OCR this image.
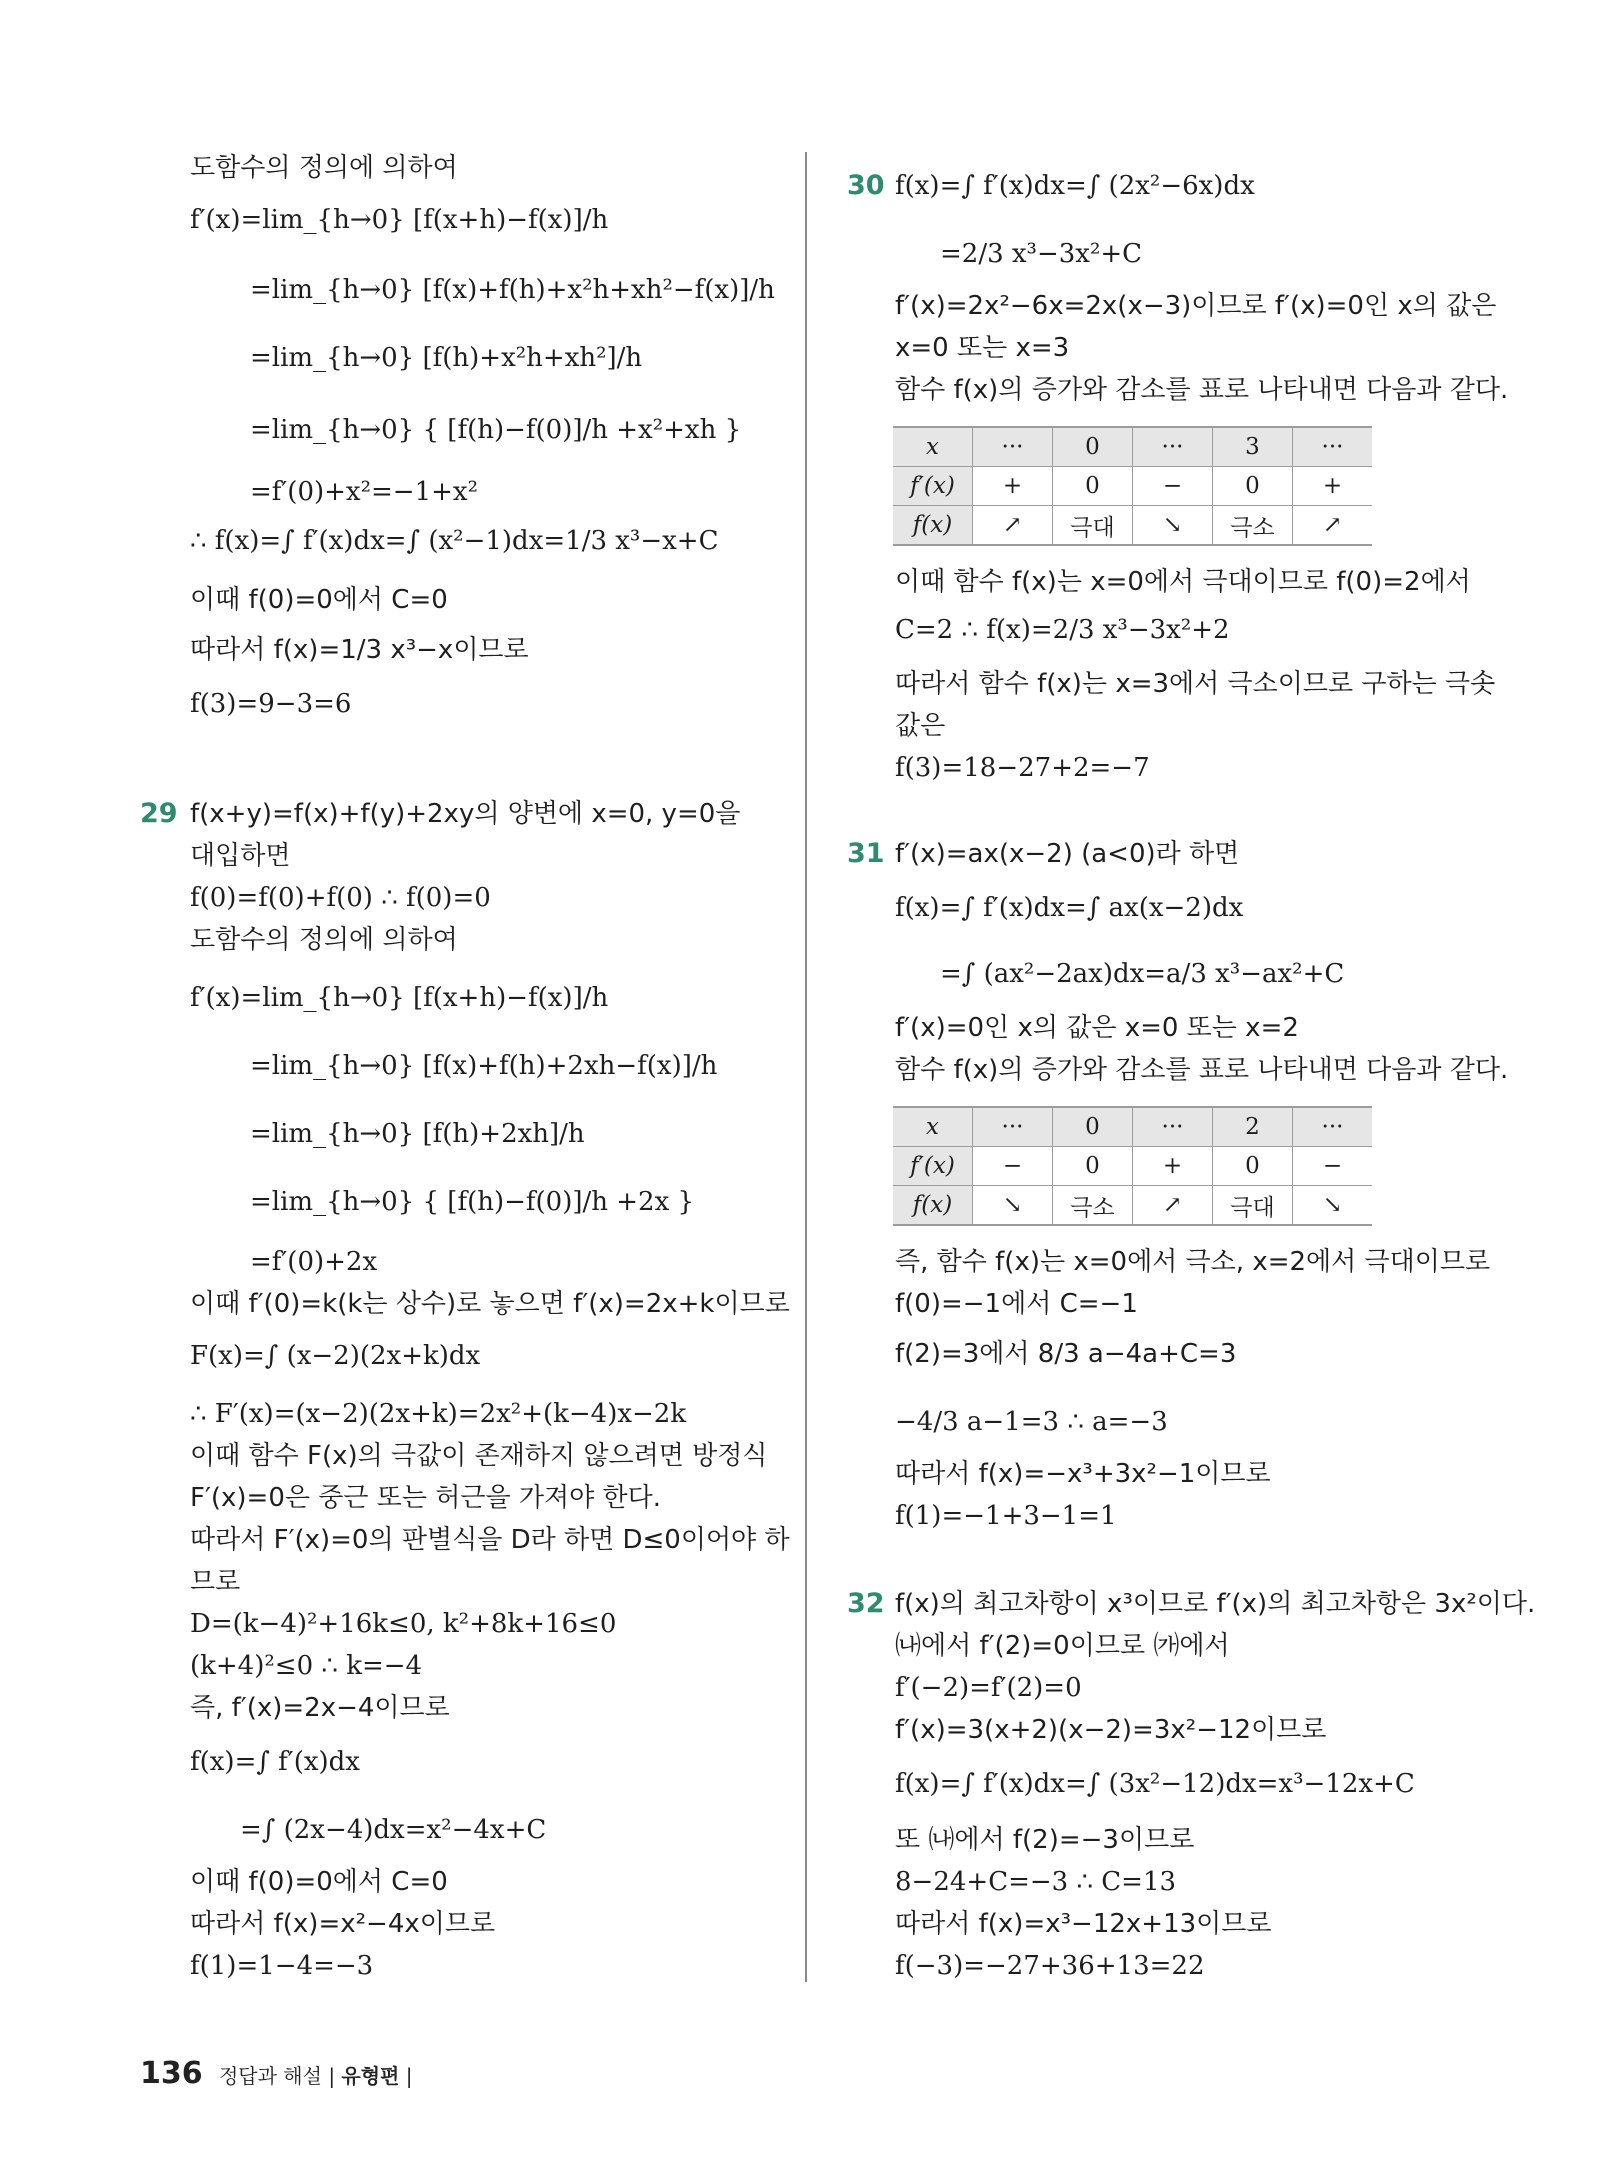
도함수의 정의에 의하여
f′(x)=lim_{h→0} [f(x+h)−f(x)]/h
=lim_{h→0} [f(x)+f(h)+x²h+xh²−f(x)]/h
=lim_{h→0} [f(h)+x²h+xh²]/h
=lim_{h→0} { [f(h)−f(0)]/h +x²+xh }
=f′(0)+x²=−1+x²
∴ f(x)=∫ f′(x)dx=∫ (x²−1)dx=1/3 x³−x+C
이때 f(0)=0에서 C=0
따라서 f(x)=1/3 x³−x이므로
f(3)=9−3=6
29 f(x+y)=f(x)+f(y)+2xy의 양변에 x=0, y=0을
대입하면
f(0)=f(0)+f(0) ∴ f(0)=0
도함수의 정의에 의하여
f′(x)=lim_{h→0} [f(x+h)−f(x)]/h
=lim_{h→0} [f(x)+f(h)+2xh−f(x)]/h
=lim_{h→0} [f(h)+2xh]/h
=lim_{h→0} { [f(h)−f(0)]/h +2x }
=f′(0)+2x
이때 f′(0)=k(k는 상수)로 놓으면 f′(x)=2x+k이므로
F(x)=∫ (x−2)(2x+k)dx
∴ F′(x)=(x−2)(2x+k)=2x²+(k−4)x−2k
이때 함수 F(x)의 극값이 존재하지 않으려면 방정식
F′(x)=0은 중근 또는 허근을 가져야 한다.
따라서 F′(x)=0의 판별식을 D라 하면 D≤0이어야 하
므로
D=(k−4)²+16k≤0, k²+8k+16≤0
(k+4)²≤0 ∴ k=−4
즉, f′(x)=2x−4이므로
f(x)=∫ f′(x)dx
=∫ (2x−4)dx=x²−4x+C
이때 f(0)=0에서 C=0
따라서 f(x)=x²−4x이므로
f(1)=1−4=−3
30 f(x)=∫ f′(x)dx=∫ (2x²−6x)dx
=2/3 x³−3x²+C
f′(x)=2x²−6x=2x(x−3)이므로 f′(x)=0인 x의 값은
x=0 또는 x=3
함수 f(x)의 증가와 감소를 표로 나타내면 다음과 같다.
x	···	0	···	3	···
f′(x)	+	0	−	0	+
f(x)	↗	극대	↘	극소	↗
이때 함수 f(x)는 x=0에서 극대이므로 f(0)=2에서
C=2 ∴ f(x)=2/3 x³−3x²+2
따라서 함수 f(x)는 x=3에서 극소이므로 구하는 극솟
값은
f(3)=18−27+2=−7
31 f′(x)=ax(x−2) (a<0)라 하면
f(x)=∫ f′(x)dx=∫ ax(x−2)dx
=∫ (ax²−2ax)dx=a/3 x³−ax²+C
f′(x)=0인 x의 값은 x=0 또는 x=2
함수 f(x)의 증가와 감소를 표로 나타내면 다음과 같다.
x	···	0	···	2	···
f′(x)	−	0	+	0	−
f(x)	↘	극소	↗	극대	↘
즉, 함수 f(x)는 x=0에서 극소, x=2에서 극대이므로
f(0)=−1에서 C=−1
f(2)=3에서 8/3 a−4a+C=3
−4/3 a−1=3 ∴ a=−3
따라서 f(x)=−x³+3x²−1이므로
f(1)=−1+3−1=1
32 f(x)의 최고차항이 x³이므로 f′(x)의 최고차항은 3x²이다.
㈏에서 f′(2)=0이므로 ㈎에서
f′(−2)=f′(2)=0
f′(x)=3(x+2)(x−2)=3x²−12이므로
f(x)=∫ f′(x)dx=∫ (3x²−12)dx=x³−12x+C
또 ㈏에서 f(2)=−3이므로
8−24+C=−3 ∴ C=13
따라서 f(x)=x³−12x+13이므로
f(−3)=−27+36+13=22
136 정답과 해설 | 유형편 |
